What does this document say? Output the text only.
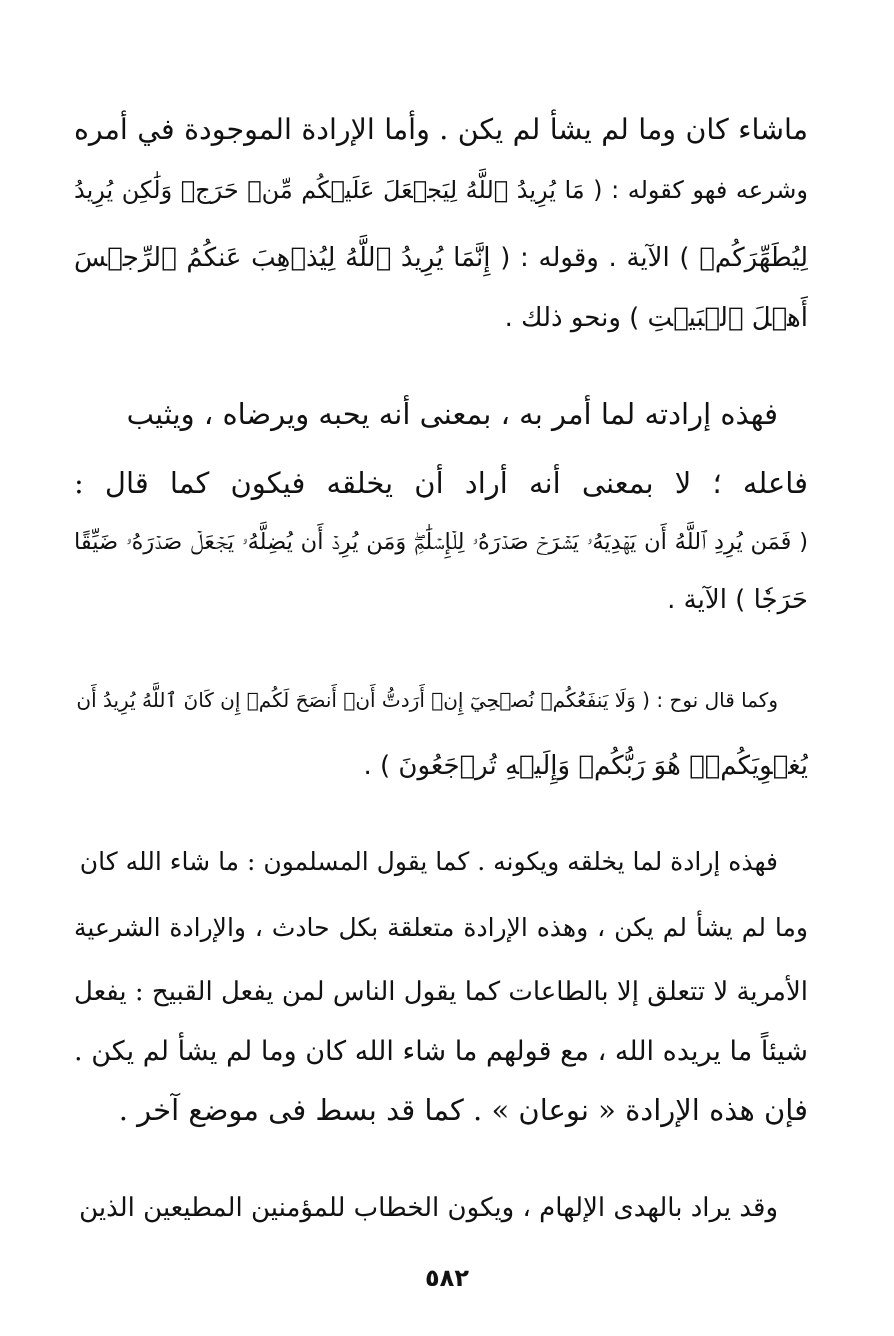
ماشاء كان وما لم يشأ لم يكن . وأما الإرادة الموجودة في أمره
وشرعه فهو كقوله : ( مَا يُرِيدُ ٱللَّهُ لِيَجۡعَلَ عَلَيۡكُم مِّنۡ حَرَجٖ وَلَٰكِن يُرِيدُ
لِيُطَهِّرَكُمۡ ) الآية . وقوله : ( إِنَّمَا يُرِيدُ ٱللَّهُ لِيُذۡهِبَ عَنكُمُ ٱلرِّجۡسَ
أَهۡلَ ٱلۡبَيۡتِ ) ونحو ذلك .
فهذه إرادته لما أمر به ، بمعنى أنه يحبه ويرضاه ، ويثيب
فاعله ؛ لا بمعنى أنه أراد أن يخلقه فيكون كما قال :
( فَمَن يُرِدِ ٱللَّهُ أَن يَهۡدِيَهُۥ يَشۡرَحۡ صَدۡرَهُۥ لِلۡإِسۡلَٰمِۖ وَمَن يُرِدۡ أَن يُضِلَّهُۥ يَجۡعَلۡ صَدۡرَهُۥ ضَيِّقًا
حَرَجٗا ) الآية .
وكما قال نوح : ( وَلَا يَنفَعُكُمۡ نُصۡحِيٓ إِنۡ أَرَدتُّ أَنۡ أَنصَحَ لَكُمۡ إِن كَانَ ٱللَّهُ يُرِيدُ أَن
يُغۡوِيَكُمۡۚ هُوَ رَبُّكُمۡ وَإِلَيۡهِ تُرۡجَعُونَ ) .
فهذه إرادة لما يخلقه ويكونه . كما يقول المسلمون : ما شاء الله كان
وما لم يشأ لم يكن ، وهذه الإرادة متعلقة بكل حادث ، والإرادة الشرعية
الأمرية لا تتعلق إلا بالطاعات كما يقول الناس لمن يفعل القبيح : يفعل
شيئاً ما يريده الله ، مع قولهم ما شاء الله كان وما لم يشأ لم يكن .
فإن هذه الإرادة « نوعان » . كما قد بسط فى موضع آخر .
وقد يراد بالهدى الإلهام ، ويكون الخطاب للمؤمنين المطيعين الذين
٥٨٢
